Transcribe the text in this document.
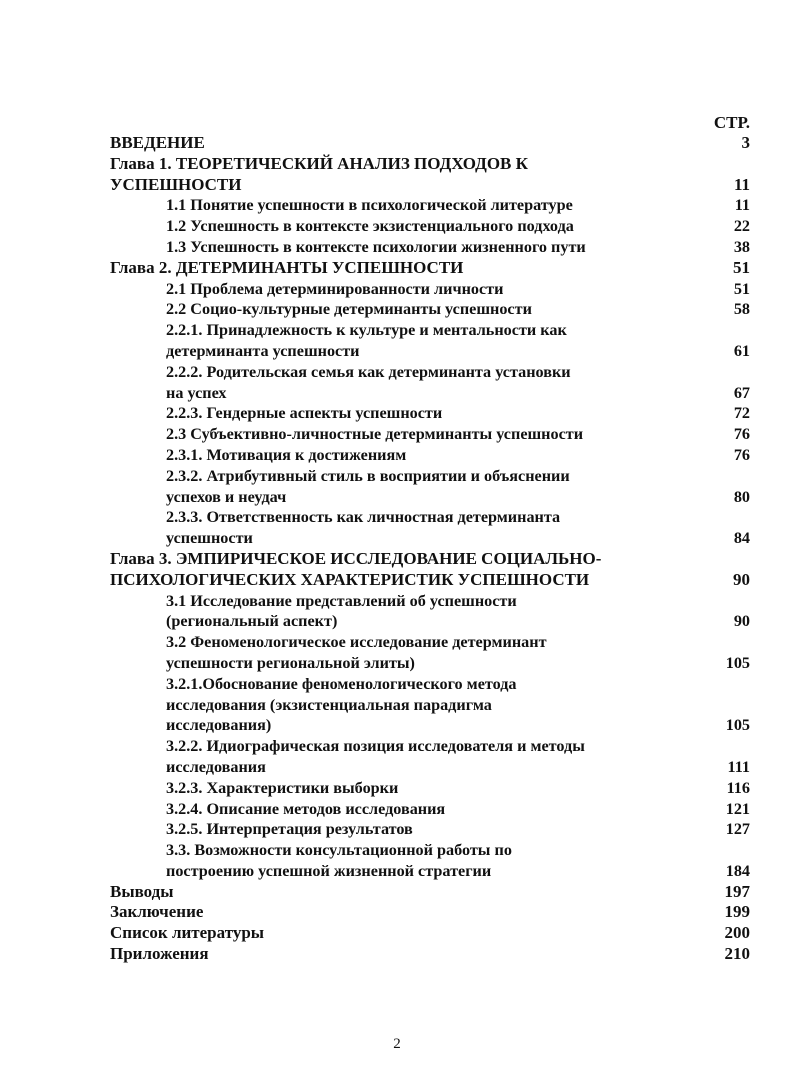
СТР.
ВВЕДЕНИЕ	3
Глава 1. ТЕОРЕТИЧЕСКИЙ АНАЛИЗ ПОДХОДОВ К
УСПЕШНОСТИ	11
1.1 Понятие успешности в психологической литературе	11
1.2 Успешность в контексте экзистенциального подхода	22
1.3 Успешность в контексте психологии жизненного пути	38
Глава 2. ДЕТЕРМИНАНТЫ УСПЕШНОСТИ	51
2.1 Проблема детерминированности личности	51
2.2 Социо-культурные детерминанты успешности	58
2.2.1. Принадлежность к культуре и ментальности как
детерминанта успешности	61
2.2.2. Родительская семья как детерминанта установки
на успех	67
2.2.3. Гендерные аспекты успешности	72
2.3 Субъективно-личностные детерминанты успешности	76
2.3.1. Мотивация к достижениям	76
2.3.2. Атрибутивный стиль в восприятии и объяснении
успехов и неудач	80
2.3.3. Ответственность как личностная детерминанта
успешности	84
Глава 3. ЭМПИРИЧЕСКОЕ ИССЛЕДОВАНИЕ СОЦИАЛЬНО-
ПСИХОЛОГИЧЕСКИХ ХАРАКТЕРИСТИК УСПЕШНОСТИ	90
3.1 Исследование представлений об успешности
(региональный аспект)	90
3.2 Феноменологическое исследование детерминант
успешности региональной элиты)	105
3.2.1.Обоснование феноменологического метода
исследования (экзистенциальная парадигма
исследования)	105
3.2.2. Идиографическая позиция исследователя и методы
исследования	111
3.2.3. Характеристики выборки	116
3.2.4. Описание методов исследования	121
3.2.5. Интерпретация результатов	127
3.3. Возможности консультационной работы по
построению успешной жизненной стратегии	184
Выводы	197
Заключение	199
Список литературы	200
Приложения	210
2
